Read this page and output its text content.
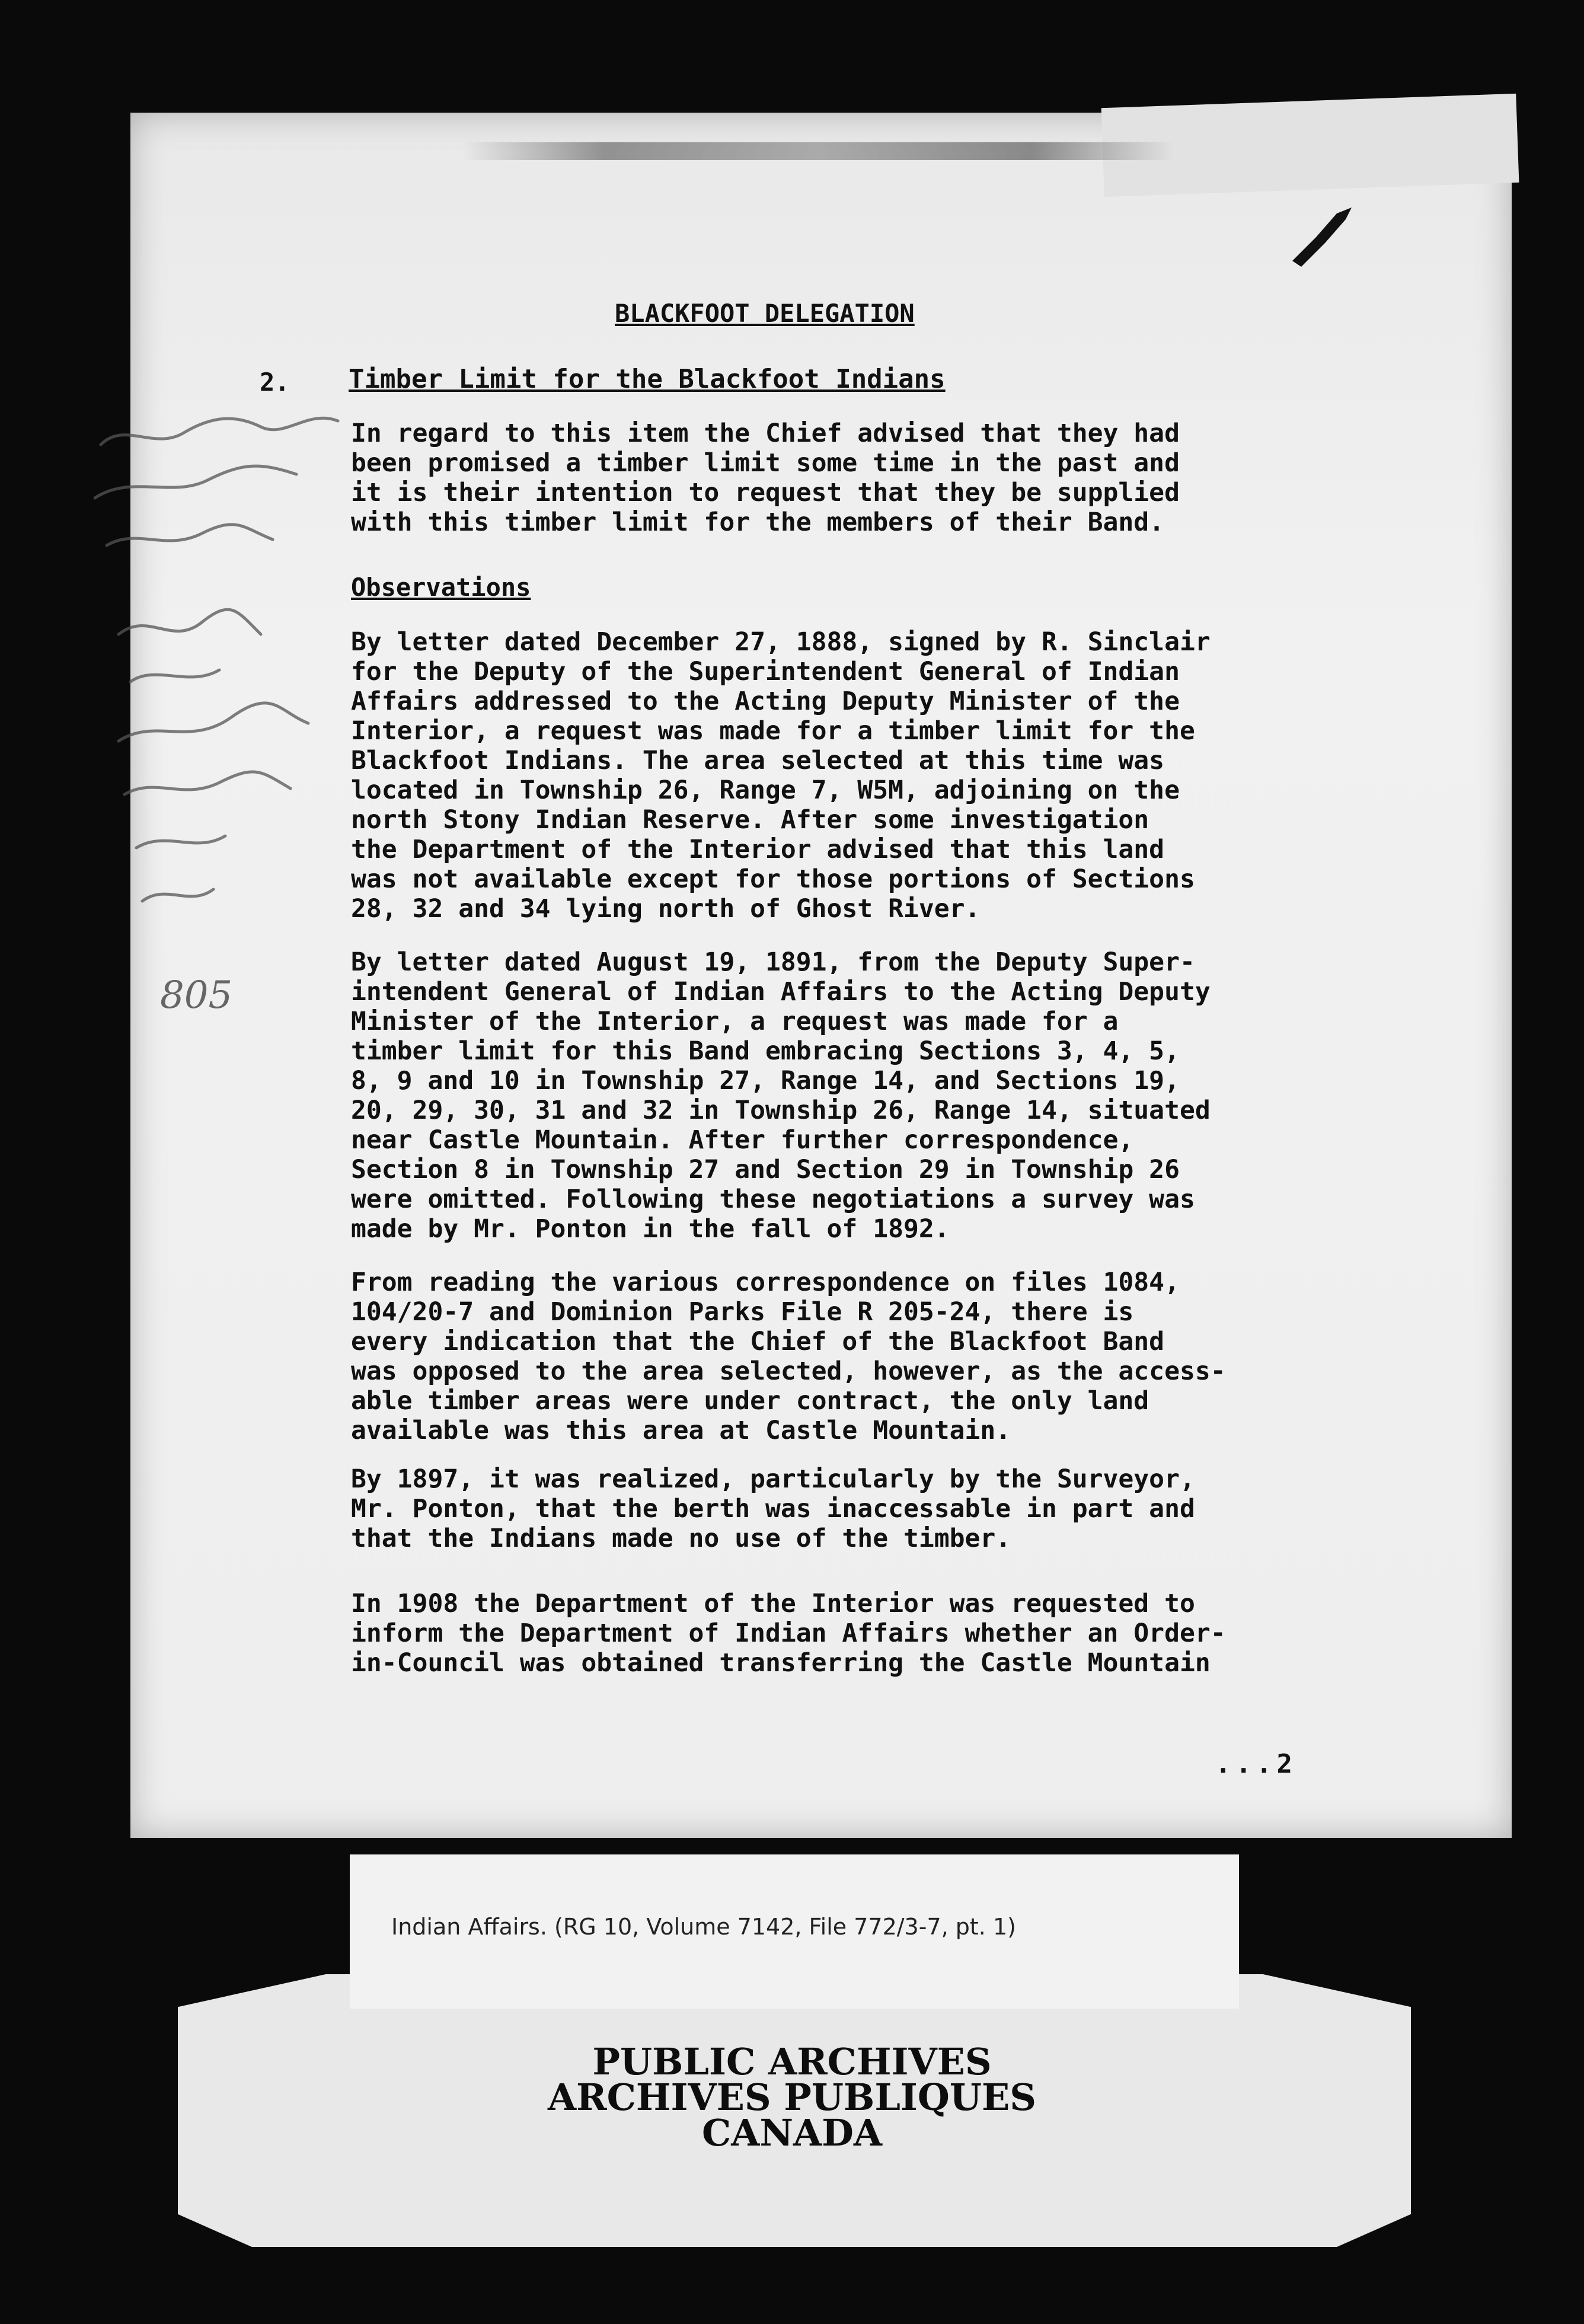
805
BLACKFOOT DELEGATION
2. Timber Limit for the Blackfoot Indians
In regard to this item the Chief advised that they had
been promised a timber limit some time in the past and
it is their intention to request that they be supplied
with this timber limit for the members of their Band.
Observations
By letter dated December 27, 1888, signed by R. Sinclair
for the Deputy of the Superintendent General of Indian
Affairs addressed to the Acting Deputy Minister of the
Interior, a request was made for a timber limit for the
Blackfoot Indians. The area selected at this time was
located in Township 26, Range 7, W5M, adjoining on the
north Stony Indian Reserve. After some investigation
the Department of the Interior advised that this land
was not available except for those portions of Sections
28, 32 and 34 lying north of Ghost River.
By letter dated August 19, 1891, from the Deputy Super-
intendent General of Indian Affairs to the Acting Deputy
Minister of the Interior, a request was made for a
timber limit for this Band embracing Sections 3, 4, 5,
8, 9 and 10 in Township 27, Range 14, and Sections 19,
20, 29, 30, 31 and 32 in Township 26, Range 14, situated
near Castle Mountain. After further correspondence,
Section 8 in Township 27 and Section 29 in Township 26
were omitted. Following these negotiations a survey was
made by Mr. Ponton in the fall of 1892.
From reading the various correspondence on files 1084,
104/20-7 and Dominion Parks File R 205-24, there is
every indication that the Chief of the Blackfoot Band
was opposed to the area selected, however, as the access-
able timber areas were under contract, the only land
available was this area at Castle Mountain.
By 1897, it was realized, particularly by the Surveyor,
Mr. Ponton, that the berth was inaccessable in part and
that the Indians made no use of the timber.
In 1908 the Department of the Interior was requested to
inform the Department of Indian Affairs whether an Order-
in-Council was obtained transferring the Castle Mountain
...2
Indian Affairs. (RG 10, Volume 7142, File 772/3-7, pt. 1)
PUBLIC ARCHIVES
ARCHIVES PUBLIQUES
CANADA
